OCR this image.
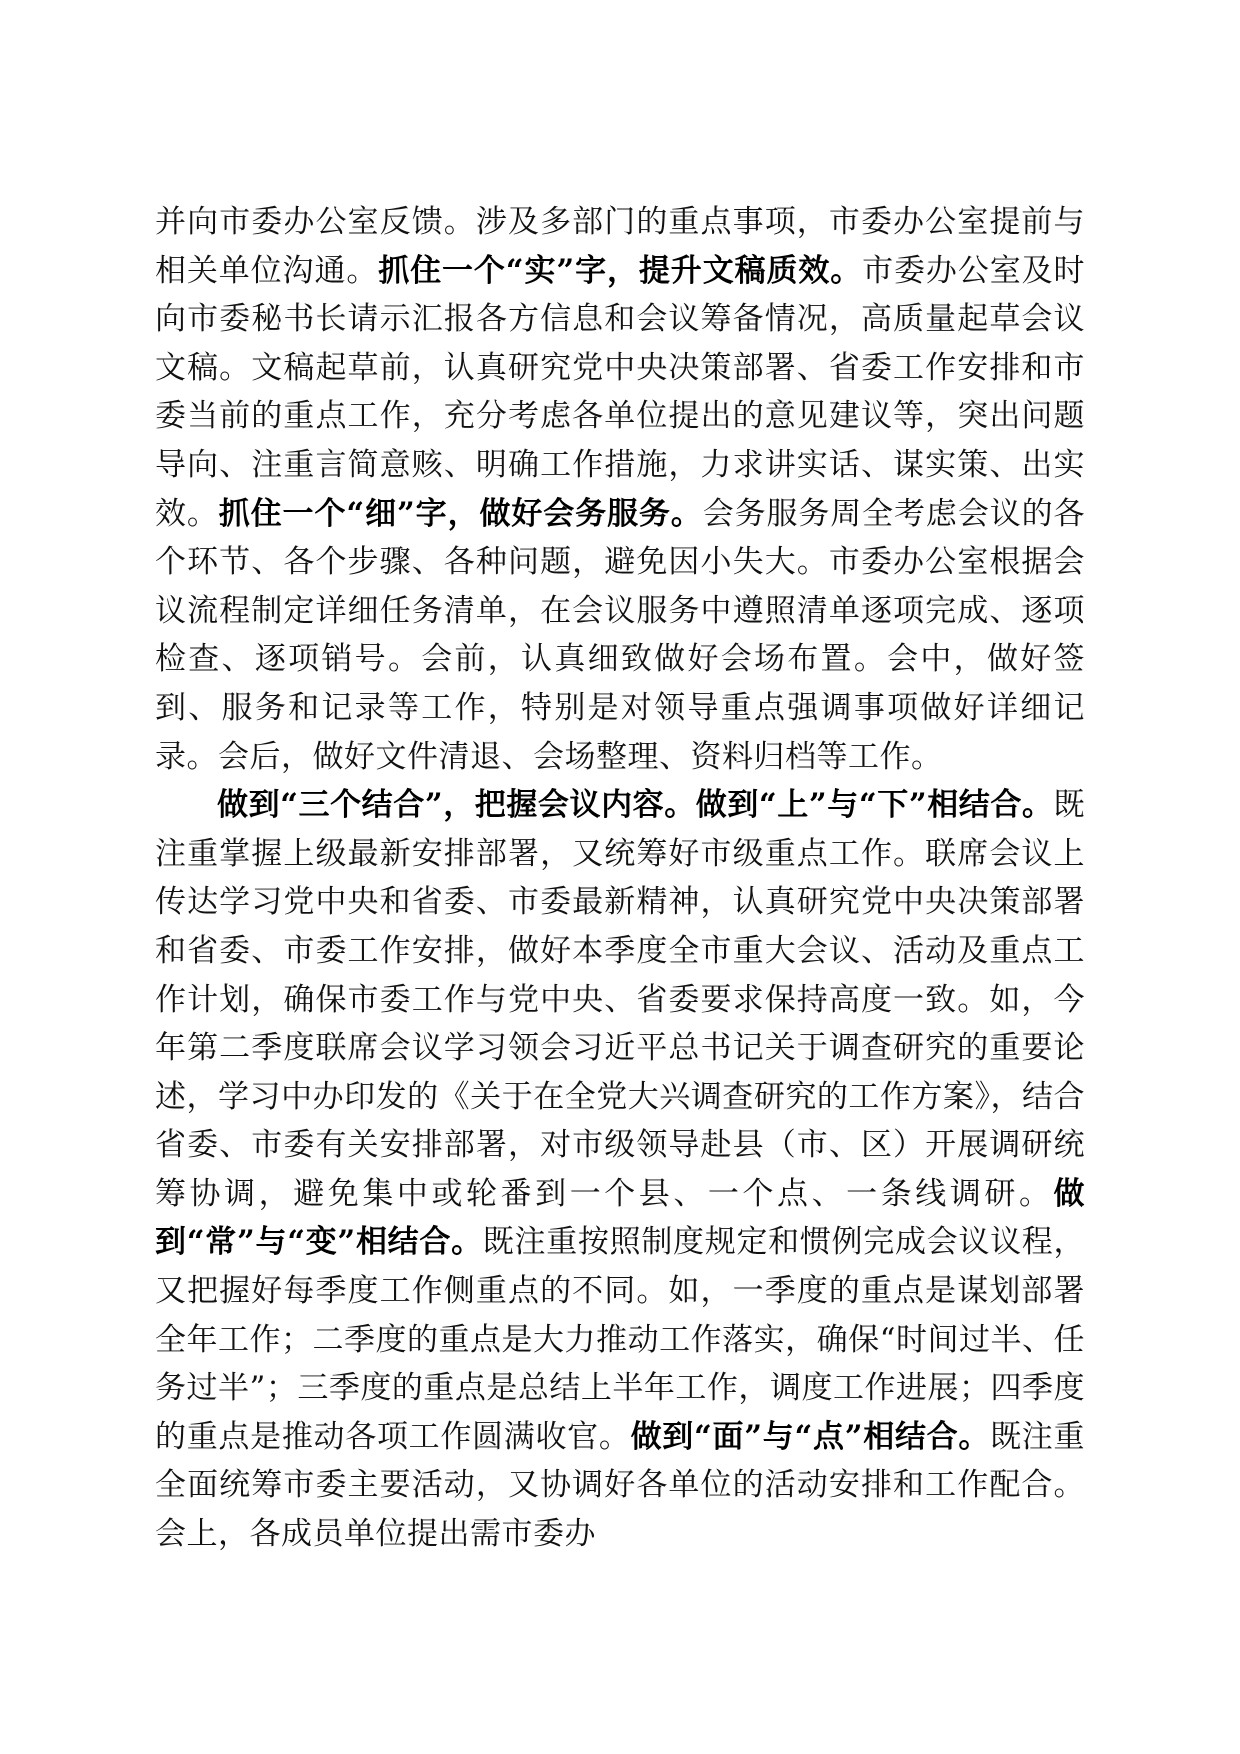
并向市委办公室反馈。涉及多部门的重点事项，市委办公室提前与相关单位沟通。抓住一个“实”字，提升文稿质效。市委办公室及时向市委秘书长请示汇报各方信息和会议筹备情况，高质量起草会议文稿。文稿起草前，认真研究党中央决策部署、省委工作安排和市委当前的重点工作，充分考虑各单位提出的意见建议等，突出问题导向、注重言简意赅、明确工作措施，力求讲实话、谋实策、出实效。抓住一个“细”字，做好会务服务。会务服务周全考虑会议的各个环节、各个步骤、各种问题，避免因小失大。市委办公室根据会议流程制定详细任务清单，在会议服务中遵照清单逐项完成、逐项检查、逐项销号。会前，认真细致做好会场布置。会中，做好签到、服务和记录等工作，特别是对领导重点强调事项做好详细记录。会后，做好文件清退、会场整理、资料归档等工作。

做到“三个结合”，把握会议内容。做到“上”与“下”相结合。既注重掌握上级最新安排部署，又统筹好市级重点工作。联席会议上传达学习党中央和省委、市委最新精神，认真研究党中央决策部署和省委、市委工作安排，做好本季度全市重大会议、活动及重点工作计划，确保市委工作与党中央、省委要求保持高度一致。如，今年第二季度联席会议学习领会习近平总书记关于调查研究的重要论述，学习中办印发的《关于在全党大兴调查研究的工作方案》，结合省委、市委有关安排部署，对市级领导赴县（市、区）开展调研统筹协调，避免集中或轮番到一个县、一个点、一条线调研。做到“常”与“变”相结合。既注重按照制度规定和惯例完成会议议程，又把握好每季度工作侧重点的不同。如，一季度的重点是谋划部署全年工作；二季度的重点是大力推动工作落实，确保“时间过半、任务过半”；三季度的重点是总结上半年工作，调度工作进展；四季度的重点是推动各项工作圆满收官。做到“面”与“点”相结合。既注重全面统筹市委主要活动，又协调好各单位的活动安排和工作配合。会上，各成员单位提出需市委办
